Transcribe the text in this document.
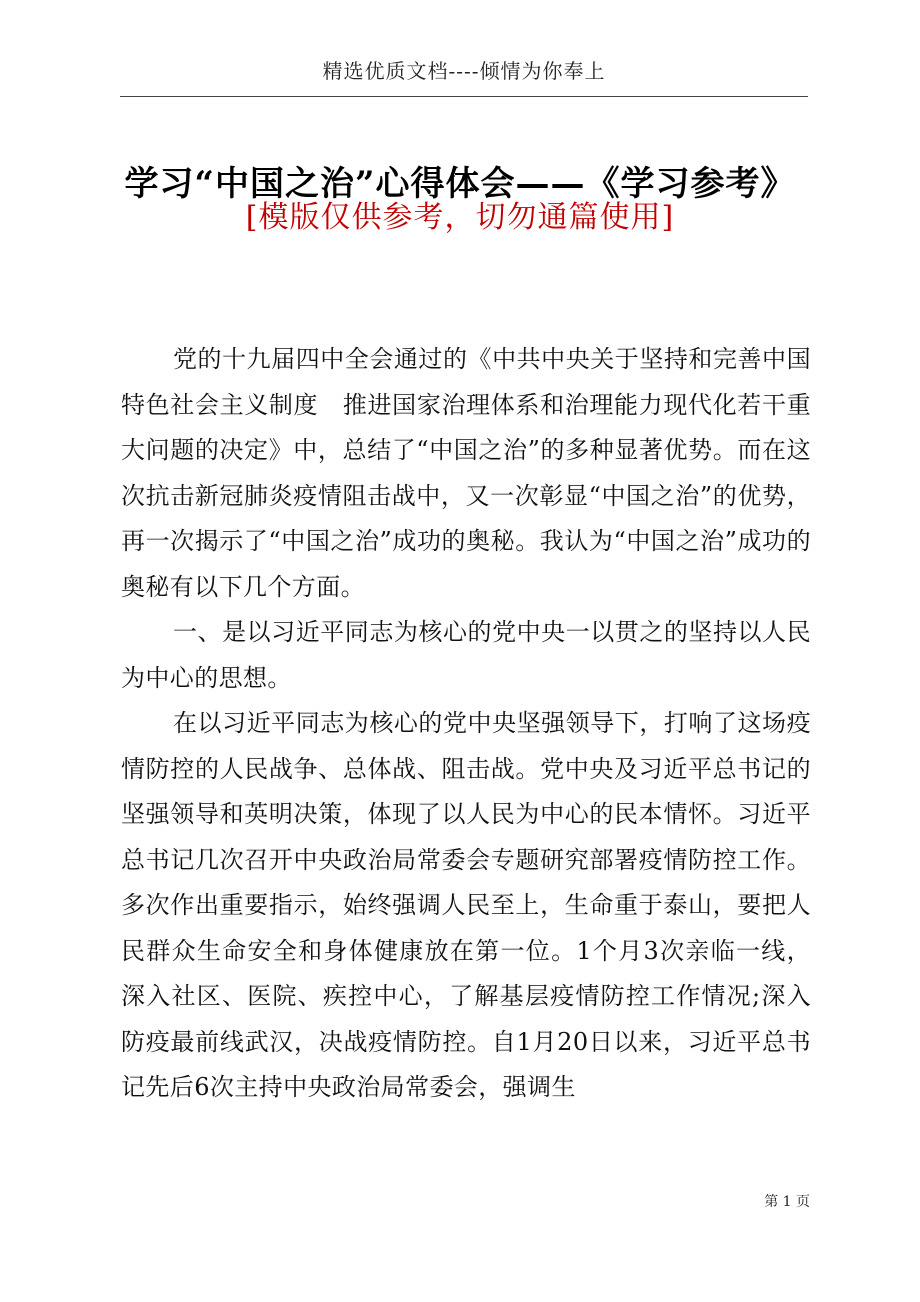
精选优质文档----倾情为你奉上
学习“中国之治”心得体会——《学习参考》
[模版仅供参考，切勿通篇使用]

党的十九届四中全会通过的《中共中央关于坚持和完善中国特色社会主义制度　推进国家治理体系和治理能力现代化若干重大问题的决定》中，总结了“中国之治”的多种显著优势。而在这次抗击新冠肺炎疫情阻击战中，又一次彰显“中国之治”的优势，再一次揭示了“中国之治”成功的奥秘。我认为“中国之治”成功的奥秘有以下几个方面。

一、是以习近平同志为核心的党中央一以贯之的坚持以人民为中心的思想。

在以习近平同志为核心的党中央坚强领导下，打响了这场疫情防控的人民战争、总体战、阻击战。党中央及习近平总书记的坚强领导和英明决策，体现了以人民为中心的民本情怀。习近平总书记几次召开中央政治局常委会专题研究部署疫情防控工作。多次作出重要指示，始终强调人民至上，生命重于泰山，要把人民群众生命安全和身体健康放在第一位。1个月3次亲临一线，深入社区、医院、疾控中心，了解基层疫情防控工作情况;深入防疫最前线武汉，决战疫情防控。自1月20日以来，习近平总书记先后6次主持中央政治局常委会，强调生

第 1 页
